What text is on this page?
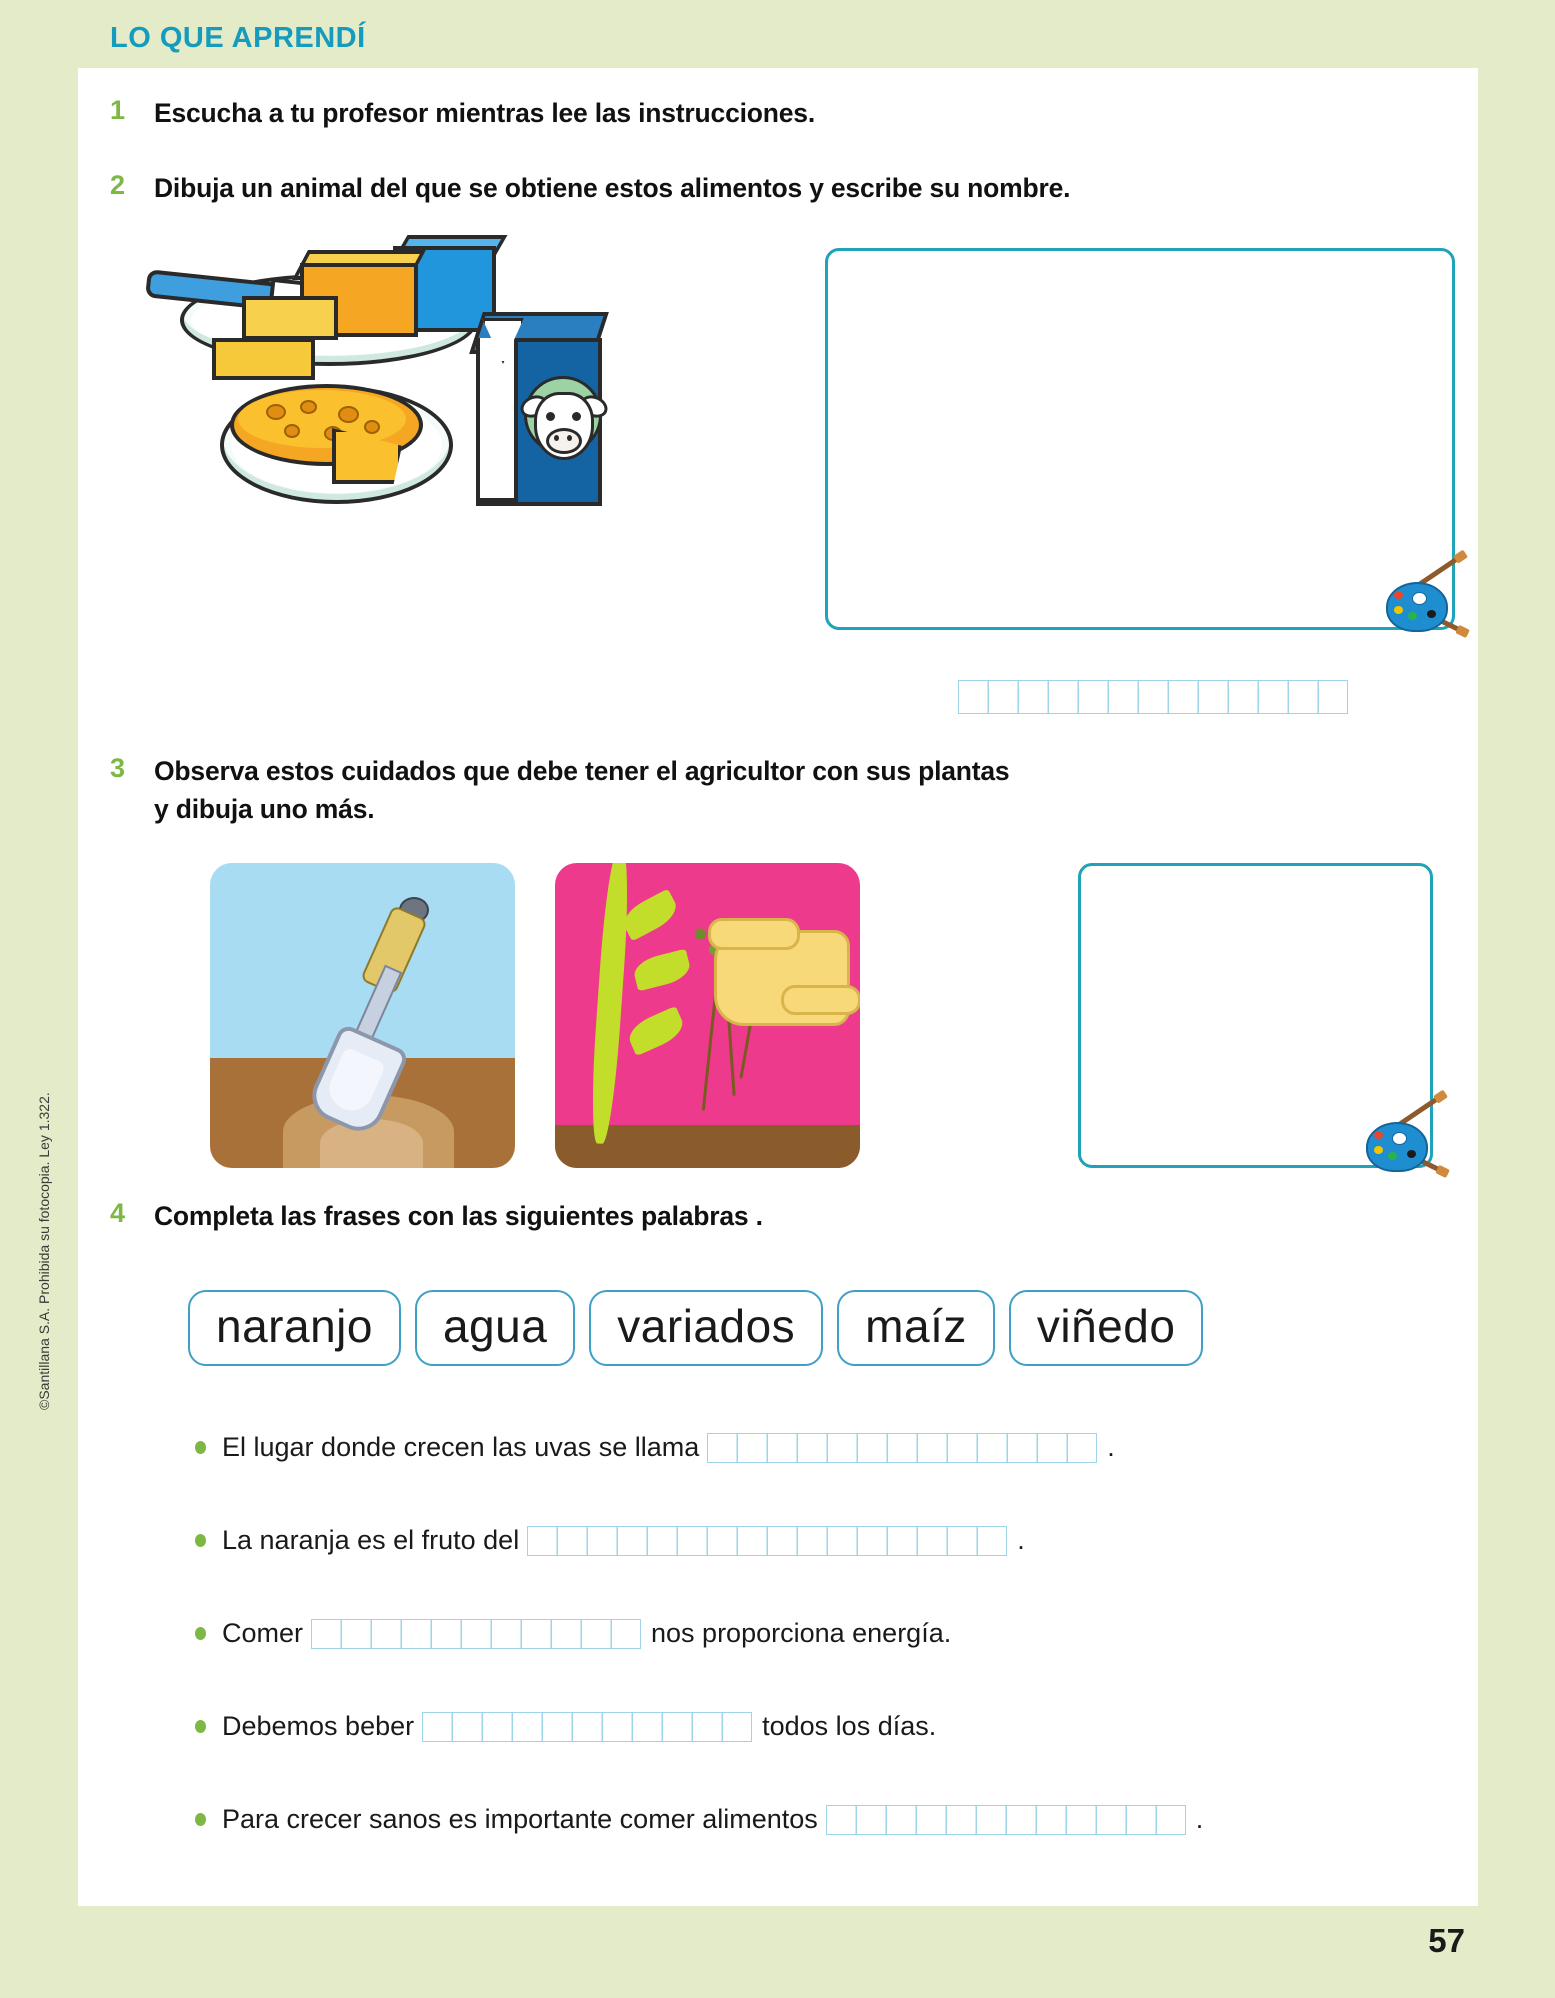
LO QUE APRENDÍ
1	Escucha a tu profesor mientras lee las instrucciones.
2	Dibuja un animal del que se obtiene estos alimentos y escribe su nombre.
3	Observa estos cuidados que debe tener el agricultor con sus plantas
y dibuja uno más.
4	Completa las frases con las siguientes palabras .
naranjo	agua	variados	maíz	viñedo
El lugar donde crecen las uvas se llama	.
La naranja es el fruto del	.
Comer	nos proporciona energía.
Debemos beber	todos los días.
Para crecer sanos es importante comer alimentos	.
©Santillana S.A. Prohibida su fotocopia. Ley 1.322.
57
